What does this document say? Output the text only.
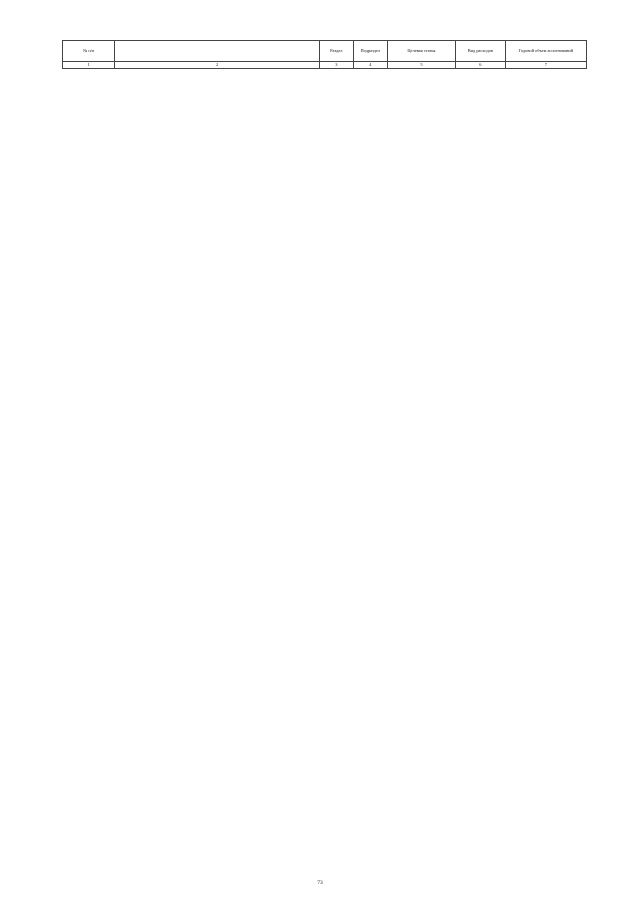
№ п/п		Раздел	Подраздел	Целевая статья	Вид расходов	Годовой объем ассигнований
1	2	3	4	5	6	7
73
